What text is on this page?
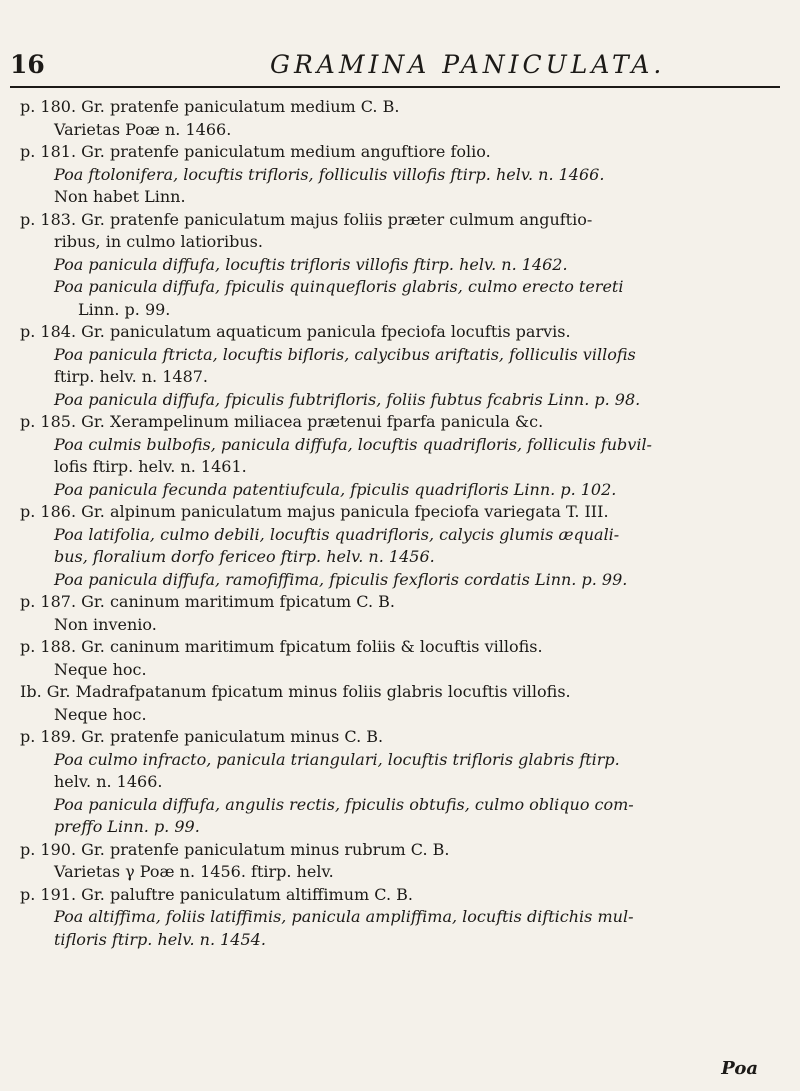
16	GRAMINA PANICULATA.
p. 180. Gr. pratenfe paniculatum medium C. B.
Varietas Poæ n. 1466.
p. 181. Gr. pratenfe paniculatum medium anguftiore folio.
Poa ftolonifera, locuftis trifloris, folliculis villofis ftirp. helv. n. 1466.
Non habet Linn.
p. 183. Gr. pratenfe paniculatum majus foliis præter culmum anguftio-
ribus, in culmo latioribus.
Poa panicula diffufa, locuftis trifloris villofis ftirp. helv. n. 1462.
Poa panicula diffufa, fpiculis quinquefloris glabris, culmo erecto tereti
Linn. p. 99.
p. 184. Gr. paniculatum aquaticum panicula fpeciofa locuftis parvis.
Poa panicula ftricta, locuftis bifloris, calycibus ariftatis, folliculis villofis
ftirp. helv. n. 1487.
Poa panicula diffufa, fpiculis fubtrifloris, foliis fubtus fcabris Linn. p. 98.
p. 185. Gr. Xerampelinum miliacea prætenui fparfa panicula &c.
Poa culmis bulbofis, panicula diffufa, locuftis quadrifloris, folliculis fubvil-
lofis ftirp. helv. n. 1461.
Poa panicula fecunda patentiufcula, fpiculis quadrifloris Linn. p. 102.
p. 186. Gr. alpinum paniculatum majus panicula fpeciofa variegata T. III.
Poa latifolia, culmo debili, locuftis quadrifloris, calycis glumis æquali-
bus, floralium dorfo fericeo ftirp. helv. n. 1456.
Poa panicula diffufa, ramofiffima, fpiculis fexfloris cordatis Linn. p. 99.
p. 187. Gr. caninum maritimum fpicatum C. B.
Non invenio.
p. 188. Gr. caninum maritimum fpicatum foliis & locuftis villofis.
Neque hoc.
Ib. Gr. Madrafpatanum fpicatum minus foliis glabris locuftis villofis.
Neque hoc.
p. 189. Gr. pratenfe paniculatum minus C. B.
Poa culmo infracto, panicula triangulari, locuftis trifloris glabris ftirp.
helv. n. 1466.
Poa panicula diffufa, angulis rectis, fpiculis obtufis, culmo obliquo com-
preffo Linn. p. 99.
p. 190. Gr. pratenfe paniculatum minus rubrum C. B.
Varietas γ Poæ n. 1456. ftirp. helv.
p. 191. Gr. paluftre paniculatum altiffimum C. B.
Poa altiffima, foliis latiffimis, panicula ampliffima, locuftis diftichis mul-
tifloris ftirp. helv. n. 1454.
Poa
